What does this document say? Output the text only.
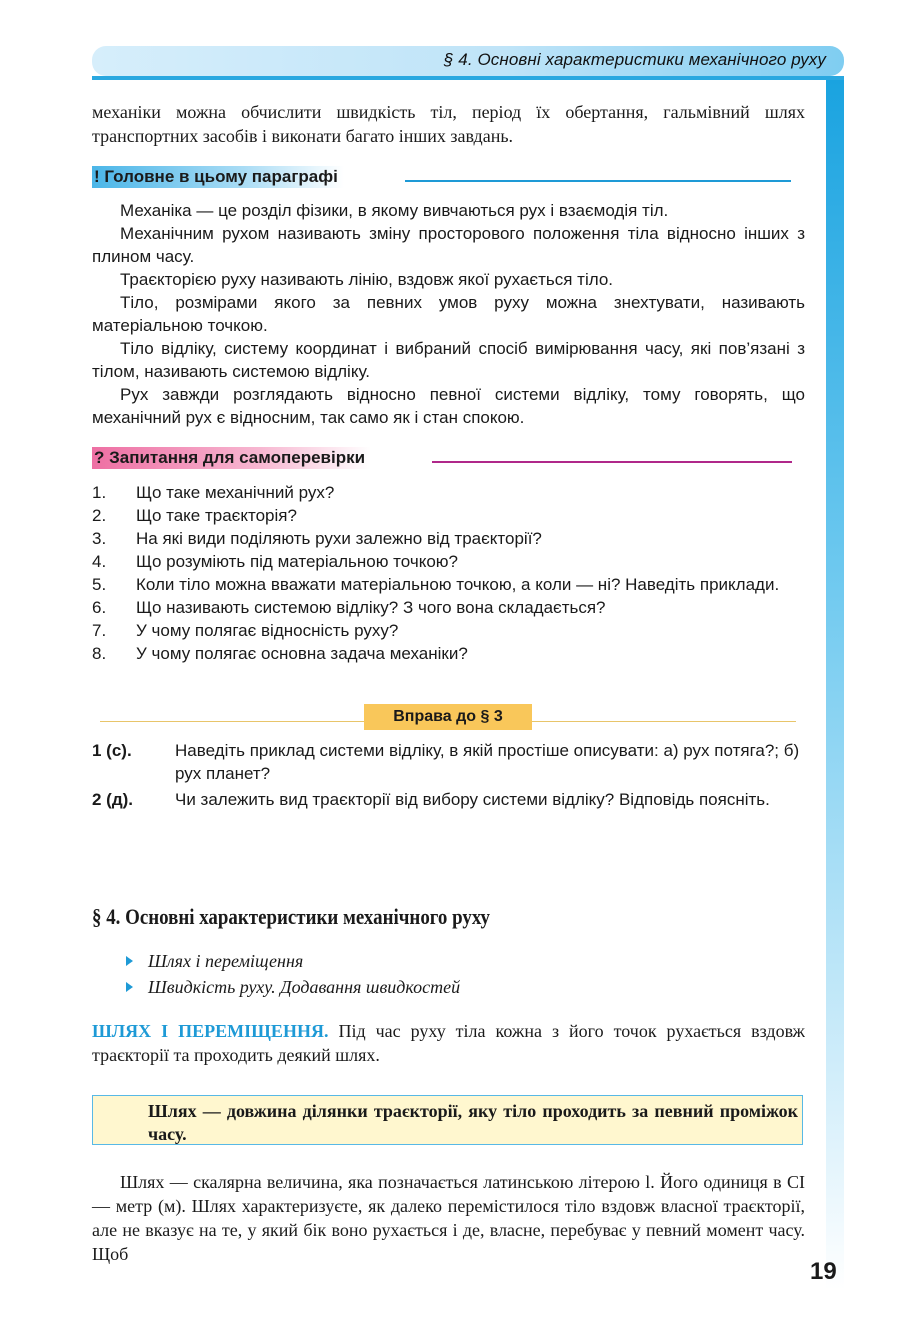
§ 4. Основні характеристики механічного руху
механіки можна обчислити швидкість тіл, період їх обертання, гальмівний шлях транспортних засобів і виконати багато інших завдань.
! Головне в цьому параграфі

Механіка — це розділ фізики, в якому вивчаються рух і взаємодія тіл.

Механічним рухом називають зміну просторового положення тіла відносно інших з плином часу.

Траєкторією руху називають лінію, вздовж якої рухається тіло.

Тіло, розмірами якого за певних умов руху можна знехтувати, називають матеріальною точкою.

Тіло відліку, систему координат і вибраний спосіб вимірювання часу, які пов’язані з тілом, називають системою відліку.

Рух завжди розглядають відносно певної системи відліку, тому говорять, що механічний рух є відносним, так само як і стан спокою.

? Запитання для самоперевірки
1. Що таке механічний рух?
2. Що таке траєкторія?
3. На які види поділяють рухи залежно від траєкторії?
4. Що розуміють під матеріальною точкою?
5. Коли тіло можна вважати матеріальною точкою, а коли — ні? Наведіть приклади.
6. Що називають системою відліку? З чого вона складається?
7. У чому полягає відносність руху?
8. У чому полягає основна задача механіки?
Вправа до § 3
1 (с).	Наведіть приклад системи відліку, в якій простіше описувати: а) рух потяга?; б) рух планет?
2 (д). Чи залежить вид траєкторії від вибору системи відліку? Відповідь поясніть.
§ 4. Основні характеристики механічного руху
Шлях і переміщення
Швидкість руху. Додавання швидкостей
ШЛЯХ І ПЕРЕМІЩЕННЯ. Під час руху тіла кожна з його точок рухається вздовж траєкторії та проходить деякий шлях.
Шлях — довжина ділянки траєкторії, яку тіло проходить за певний проміжок часу.
Шлях — скалярна величина, яка позначається латинською літерою l. Його одиниця в СІ — метр (м). Шлях характеризуєте, як далеко перемістилося тіло вздовж власної траєкторії, але не вказує на те, у який бік воно рухається і де, власне, перебуває у певний момент часу. Щоб
19
